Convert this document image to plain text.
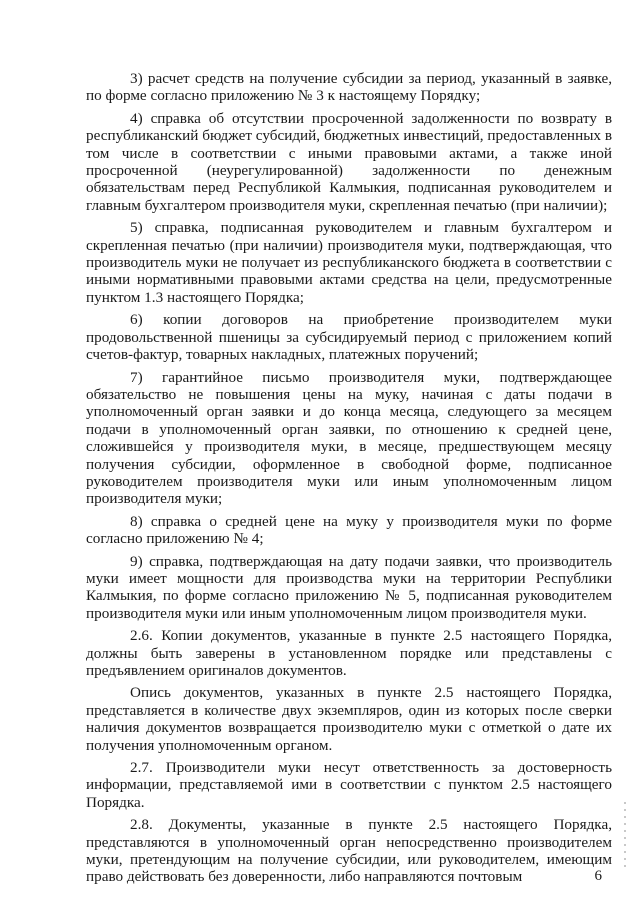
3) расчет средств на получение субсидии за период, указанный в заявке, по форме согласно приложению № 3 к настоящему Порядку;

4) справка об отсутствии просроченной задолженности по возврату в республиканский бюджет субсидий, бюджетных инвестиций, предоставленных в том числе в соответствии с иными правовыми актами, а также иной просроченной (неурегулированной) задолженности по денежным обязательствам перед Республикой Калмыкия, подписанная руководителем и главным бухгалтером производителя муки, скрепленная печатью (при наличии);

5) справка, подписанная руководителем и главным бухгалтером и скрепленная печатью (при наличии) производителя муки, подтверждающая, что производитель муки не получает из республиканского бюджета в соответствии с иными нормативными правовыми актами средства на цели, предусмотренные пунктом 1.3 настоящего Порядка;

6) копии договоров на приобретение производителем муки продовольственной пшеницы за субсидируемый период с приложением копий счетов-фактур, товарных накладных, платежных поручений;

7) гарантийное письмо производителя муки, подтверждающее обязательство не повышения цены на муку, начиная с даты подачи в уполномоченный орган заявки и до конца месяца, следующего за месяцем подачи в уполномоченный орган заявки, по отношению к средней цене, сложившейся у производителя муки, в месяце, предшествующем месяцу получения субсидии, оформленное в свободной форме, подписанное руководителем производителя муки или иным уполномоченным лицом производителя муки;

8) справка о средней цене на муку у производителя муки по форме согласно приложению № 4;

9) справка, подтверждающая на дату подачи заявки, что производитель муки имеет мощности для производства муки на территории Республики Калмыкия, по форме согласно приложению № 5, подписанная руководителем производителя муки или иным уполномоченным лицом производителя муки.

2.6. Копии документов, указанные в пункте 2.5 настоящего Порядка, должны быть заверены в установленном порядке или представлены с предъявлением оригиналов документов.

Опись документов, указанных в пункте 2.5 настоящего Порядка, представляется в количестве двух экземпляров, один из которых после сверки наличия документов возвращается производителю муки с отметкой о дате их получения уполномоченным органом.

2.7. Производители муки несут ответственность за достоверность информации, представляемой ими в соответствии с пунктом 2.5 настоящего Порядка.

2.8. Документы, указанные в пункте 2.5 настоящего Порядка, представляются в уполномоченный орган непосредственно производителем муки, претендующим на получение субсидии, или руководителем, имеющим право действовать без доверенности, либо направляются почтовым	6
